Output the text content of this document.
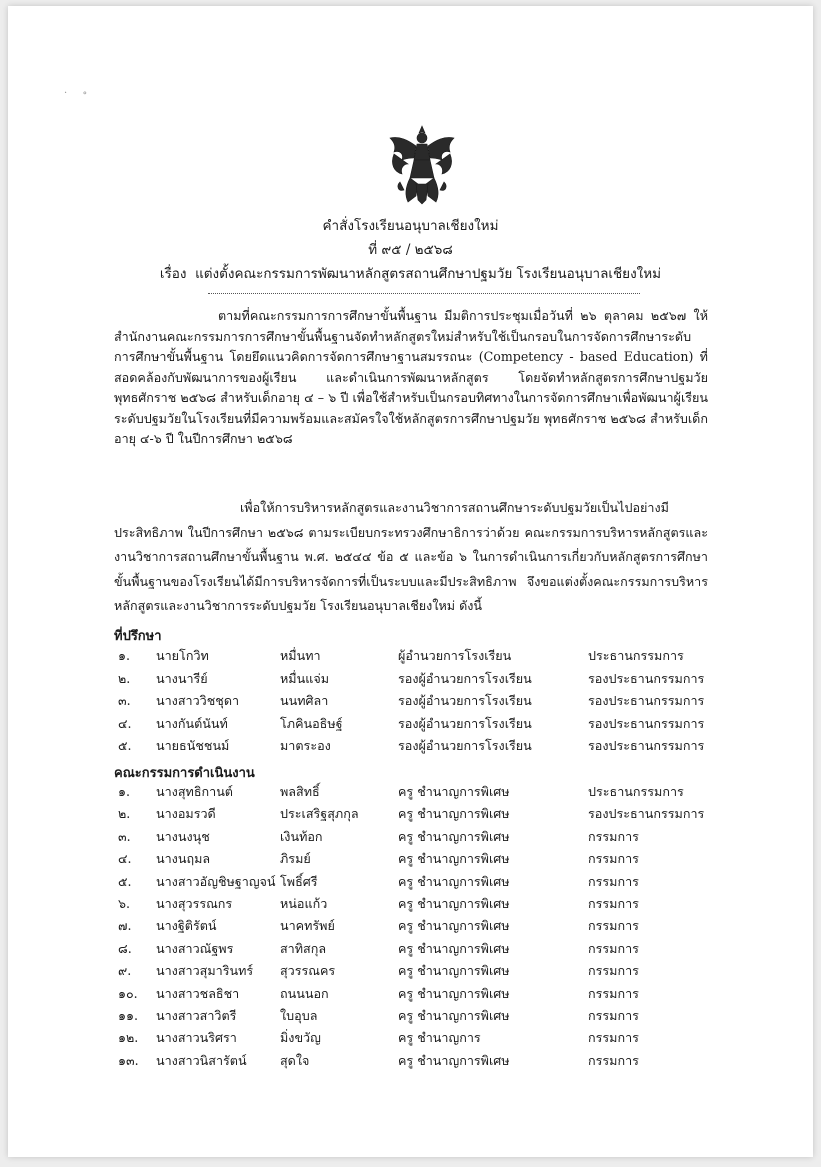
· ∘
คำสั่งโรงเรียนอนุบาลเชียงใหม่
ที่ ๙๕ / ๒๕๖๘
เรื่อง แต่งตั้งคณะกรรมการพัฒนาหลักสูตรสถานศึกษาปฐมวัย โรงเรียนอนุบาลเชียงใหม่

ตามที่คณะกรรมการการศึกษาขั้นพื้นฐาน มีมติการประชุมเมื่อวันที่ ๒๖ ตุลาคม ๒๕๖๗ ให้สำนักงานคณะกรรมการการศึกษาขั้นพื้นฐานจัดทำหลักสูตรใหม่สำหรับใช้เป็นกรอบในการจัดการศึกษาระดับการศึกษาขั้นพื้นฐาน โดยยึดแนวคิดการจัดการศึกษาฐานสมรรถนะ (Competency - based Education) ที่สอดคล้องกับพัฒนาการของผู้เรียน และดำเนินการพัฒนาหลักสูตร โดยจัดทำหลักสูตรการศึกษาปฐมวัย พุทธศักราช ๒๕๖๘ สำหรับเด็กอายุ ๔ – ๖ ปี เพื่อใช้สำหรับเป็นกรอบทิศทางในการจัดการศึกษาเพื่อพัฒนาผู้เรียนระดับปฐมวัยในโรงเรียนที่มีความพร้อมและสมัครใจใช้หลักสูตรการศึกษาปฐมวัย พุทธศักราช ๒๕๖๘ สำหรับเด็กอายุ ๔-๖ ปี ในปีการศึกษา ๒๕๖๘

เพื่อให้การบริหารหลักสูตรและงานวิชาการสถานศึกษาระดับปฐมวัยเป็นไปอย่างมีประสิทธิภาพ ในปีการศึกษา ๒๕๖๘ ตามระเบียบกระทรวงศึกษาธิการว่าด้วย คณะกรรมการบริหารหลักสูตรและงานวิชาการสถานศึกษาขั้นพื้นฐาน พ.ศ. ๒๕๔๔ ข้อ ๕ และข้อ ๖ ในการดำเนินการเกี่ยวกับหลักสูตรการศึกษาขั้นพื้นฐานของโรงเรียนได้มีการบริหารจัดการที่เป็นระบบและมีประสิทธิภาพ จึงขอแต่งตั้งคณะกรรมการบริหารหลักสูตรและงานวิชาการระดับปฐมวัย โรงเรียนอนุบาลเชียงใหม่ ดังนี้

ที่ปรึกษา
คณะกรรมการดำเนินงาน
๑. นายโกวิท	หมื่นทา	ผู้อำนวยการโรงเรียน	ประธานกรรมการ
๒. นางนารีย์	หมื่นแจ่ม	รองผู้อำนวยการโรงเรียน	รองประธานกรรมการ
๓. นางสาววิชชุดา	นนทศิลา	รองผู้อำนวยการโรงเรียน	รองประธานกรรมการ
๔. นางกันต์นันท์	โภคินอธิษฐ์	รองผู้อำนวยการโรงเรียน	รองประธานกรรมการ
๕. นายธนัชชนม์	มาตระอง	รองผู้อำนวยการโรงเรียน	รองประธานกรรมการ
๑. นางสุทธิกานต์	พลสิทธิ์	ครู ชำนาญการพิเศษ	ประธานกรรมการ
๒. นางอมรวดี	ประเสริฐสุภกุล	ครู ชำนาญการพิเศษ	รองประธานกรรมการ
๓. นางนงนุช	เงินท้อก	ครู ชำนาญการพิเศษ	กรรมการ
๔. นางนฤมล	ภิรมย์	ครู ชำนาญการพิเศษ	กรรมการ
๕. นางสาวอัญชิษฐาญจน์ โพธิ์ศรี	ครู ชำนาญการพิเศษ	กรรมการ
๖. นางสุวรรณกร	หน่อแก้ว	ครู ชำนาญการพิเศษ	กรรมการ
๗. นางฐิติรัตน์	นาคทรัพย์	ครู ชำนาญการพิเศษ	กรรมการ
๘. นางสาวณัฐพร	สาทิสกุล	ครู ชำนาญการพิเศษ	กรรมการ
๙. นางสาวสุมารินทร์ สุวรรณคร	ครู ชำนาญการพิเศษ	กรรมการ
๑๐. นางสาวชลธิชา	ถนนนอก	ครู ชำนาญการพิเศษ	กรรมการ
๑๑. นางสาวสาวิตรี	ใบอุบล	ครู ชำนาญการพิเศษ	กรรมการ
๑๒. นางสาวนริศรา	มิ่งขวัญ	ครู ชำนาญการ	กรรมการ
๑๓. นางสาวนิสารัตน์	สุดใจ	ครู ชำนาญการพิเศษ	กรรมการ
